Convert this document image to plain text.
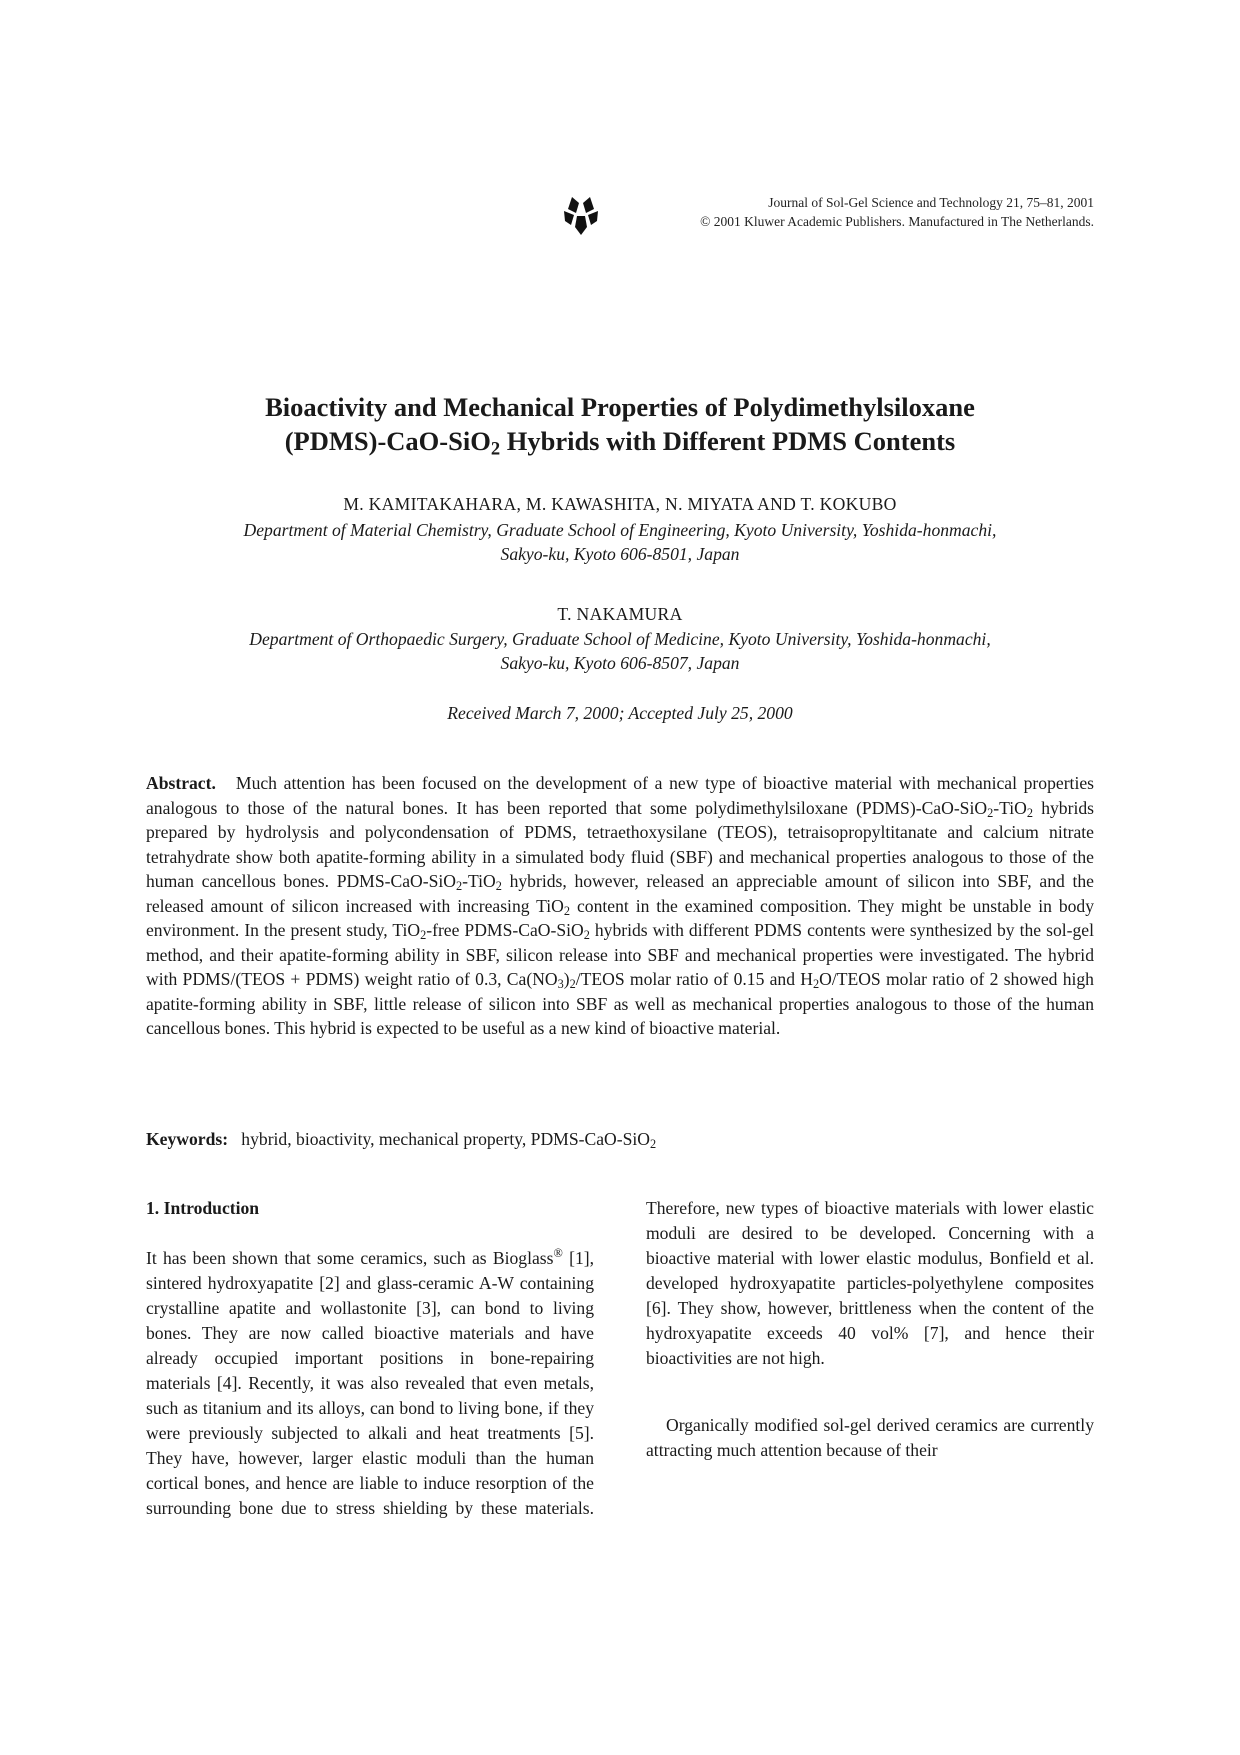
Journal of Sol-Gel Science and Technology 21, 75–81, 2001
© 2001 Kluwer Academic Publishers. Manufactured in The Netherlands.
Bioactivity and Mechanical Properties of Polydimethylsiloxane
(PDMS)-CaO-SiO$_2$ Hybrids with Different PDMS Contents
M. KAMITAKAHARA, M. KAWASHITA, N. MIYATA AND T. KOKUBO
Department of Material Chemistry, Graduate School of Engineering, Kyoto University, Yoshida-honmachi,
Sakyo-ku, Kyoto 606-8501, Japan
T. NAKAMURA
Department of Orthopaedic Surgery, Graduate School of Medicine, Kyoto University, Yoshida-honmachi,
Sakyo-ku, Kyoto 606-8507, Japan
Received March 7, 2000; Accepted July 25, 2000

Abstract. Much attention has been focused on the development of a new type of bioactive material with mechanical properties analogous to those of the natural bones. It has been reported that some polydimethylsiloxane (PDMS)-CaO-SiO$_2$-TiO$_2$ hybrids prepared by hydrolysis and polycondensation of PDMS, tetraethoxysilane (TEOS), tetraisopropyltitanate and calcium nitrate tetrahydrate show both apatite-forming ability in a simulated body fluid (SBF) and mechanical properties analogous to those of the human cancellous bones. PDMS-CaO-SiO$_2$-TiO$_2$ hybrids, however, released an appreciable amount of silicon into SBF, and the released amount of silicon increased with increasing TiO$_2$ content in the examined composition. They might be unstable in body environment. In the present study, TiO$_2$-free PDMS-CaO-SiO$_2$ hybrids with different PDMS contents were synthesized by the sol-gel method, and their apatite-forming ability in SBF, silicon release into SBF and mechanical properties were investigated. The hybrid with PDMS/(TEOS + PDMS) weight ratio of 0.3, $Ca(NO_3)_2$/TEOS molar ratio of 0.15 and $H_2O$/TEOS molar ratio of 2 showed high apatite-forming ability in SBF, little release of silicon into SBF as well as mechanical properties analogous to those of the human cancellous bones. This hybrid is expected to be useful as a new kind of bioactive material.

Keywords: hybrid, bioactivity, mechanical property, PDMS-CaO-SiO$_2$

1. Introduction

It has been shown that some ceramics, such as Bioglass® [1], sintered hydroxyapatite [2] and glass-ceramic A-W containing crystalline apatite and wollastonite [3], can bond to living bones. They are now called bioactive materials and have already occupied important positions in bone-repairing materials [4]. Recently, it was also revealed that even metals, such as titanium and its alloys, can bond to living bone, if they were previously subjected to alkali and heat treatments [5]. They have, however, larger elastic moduli than the human cortical bones, and hence are liable to induce resorption of the surrounding bone due to stress shielding by these materials.

Therefore, new types of bioactive materials with lower elastic moduli are desired to be developed. Concerning with a bioactive material with lower elastic modulus, Bonfield et al. developed hydroxyapatite particles-polyethylene composites [6]. They show, however, brittleness when the content of the hydroxyapatite exceeds 40 vol% [7], and hence their bioactivities are not high.

Organically modified sol-gel derived ceramics are currently attracting much attention because of their
